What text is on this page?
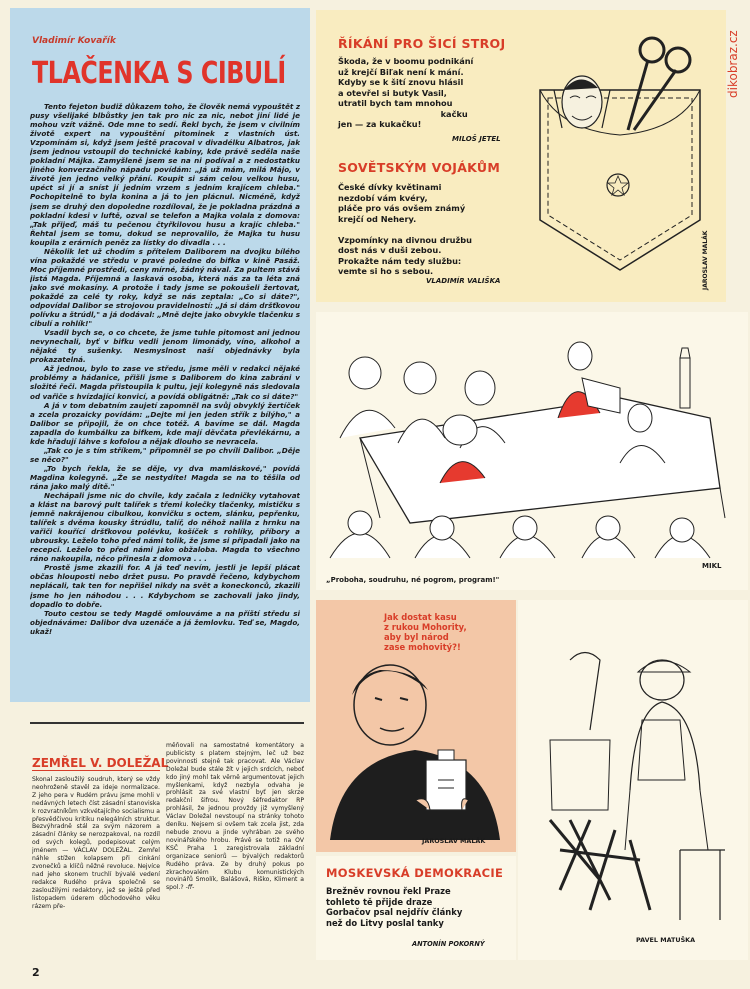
Vladimír Kovařík
TLAČENKA S CIBULÍ

Tento fejeton budiž důkazem toho, že člověk nemá vypouštět z pusy všelijaké blbůstky jen tak pro nic za nic, nebot jiní lidé je mohou vzít vážně. Ode mne to sedí. Řekl bych, že jsem v civilním životě expert na vypouštění pitominek z vlastních úst. Vzpomínám si, když jsem ještě pracoval v divadélku Albatros, jak jsem jednou vstoupil do technické kabiny, kde právě seděla naše pokladní Májka. Zamyšleně jsem se na ni podíval a z nedostatku jiného konverzačního nápadu povídám: „Já už mám, milá Májo, v životě jen jedno velký přání. Koupit si sám celou velkou husu, upéct si jí a sníst jí jedním vrzem s jedním krajícem chleba." Pochopitelně to byla konina a já to jen plácnul. Nicméně, když jsem se druhý den dopoledne rozdíloval, že je pokladna prázdná a pokladní kdesi v luftě, ozval se telefon a Majka volala z domova: „Tak přijeď, máš tu pečenou čtyřkilovou husu a krajíc chleba." Řehtal jsem se tomu, dokud se neprovalilo, že Majka tu husu koupila z erárních peněz za lístky do divadla . . .

Několik let už chodím s přítelem Daliborem na dvojku bílého vína pokaždé ve středu v pravé poledne do bifka v kině Pasáž. Moc příjemné prostředí, ceny mírné, žádný nával. Za pultem stává jistá Magda. Příjemná a laskavá osoba, která nás za ta léta zná jako své mokasíny. A protože i tady jsme se pokoušeli žertovat, pokaždé za celé ty roky, když se nás zeptala: „Co si dáte?", odpovídal Dalibor se strojovou pravidelností: „Já si dám dršťkovou polívku a štrúdl," a já dodával: „Mně dejte jako obvykle tlačenku s cibulí a rohlík!"

Vsadil bych se, o co chcete, že jsme tuhle pitomost ani jednou nevynechali, byť v bifku vedli jenom limonády, víno, alkohol a nějaké ty sušenky. Nesmyslnost naší objednávky byla prokazatelná.

Až jednou, bylo to zase ve středu, jsme měli v redakci nějaké problémy a hádanice, přišli jsme s Daliborem do kina zabráni v složité řeči. Magda přistoupila k pultu, její kolegyně nás sledovala od vařiče s hvízdající konvicí, a povídá obligátně: „Tak co si dáte?"

A já v tom debatním zaujetí zapomněl na svůj obvyklý žertíček a zcela prozaicky povídám: „Dejte mi jen jeden střík z bílýho," a Dalibor se připojil, že on chce totéž. A bavíme se dál. Magda zapadla do kumbálku za bifkem, kde mají děvčata převlékárnu, a kde hřadují láhve s kofolou a nějak dlouho se nevracela.

„Tak co je s tím stříkem," připomněl se po chvíli Dalibor. „Děje se něco?"

„To bych řekla, že se děje, vy dva mamláskové," povídá Magdina kolegyně. „Že se nestydíte! Magda se na to těšila od rána jako malý dítě."

Nechápali jsme nic do chvíle, kdy začala z ledničky vytahovat a klást na barový pult talířek s třemi kolečky tlačenky, mističku s jemně nakrájenou cibulkou, konvičku s octem, slánku, pepřenku, talířek s dvěma kousky štrúdlu, talíř, do něhož nalila z hrnku na vařiči kouřící dršťkovou polévku, košíček s rohlíky, příbory a ubrousky. Leželo toho před námi tolik, že jsme si připadali jako na recepci. Leželo to před námi jako obžaloba. Magda to všechno ráno nakoupila, něco přinesla z domova . . .

Prostě jsme zkazili for. A já teď nevím, jestli je lepší plácat občas hlouposti nebo držet pusu. Po pravdě řečeno, kdybychom neplácali, tak ten for nepřišel nikdy na svět a koneckonců, zkazili jsme ho jen náhodou . . . Kdybychom se zachovali jako jindy, dopadlo to dobře.

Touto cestou se tedy Magdě omlouváme a na příští středu si objednáváme: Dalibor dva uzenáče a já žemlovku. Teď se, Magdo, ukaž!

ZEMŘEL V. DOLEŽAL
Skonal zasloužilý soudruh, který se vždy neohroženě stavěl za ideje normalizace. Z jeho pera v Rudém právu jsme mohli v nedávných letech číst zásadní stanoviska k rozvratníkům vzkvétajícího socialismu a přesvědčivou kritiku nelegálních struktur. Bezvýhradně stál za svým názorem a zásadní články se nerozpakoval, na rozdíl od svých kolegů, podepisovat celým jménem — VÁCLAV DOLEŽAL. Zemřel náhle stížen kolapsem při cinkání zvonečků a klíčů něžné revoluce. Nejvíce nad jeho skonem truchlí bývalé vedení redakce Rudého práva společně se zasloužilými redaktory, jež se ještě před listopadem úderem důchodového věku rázem pře-
měňovali na samostatné komentátory a publicisty s platem stejným, leč už bez povinnosti stejně tak pracovat. Ale Václav Doležal bude stále žít v jejich srdcích, neboť kdo jiný mohl tak věrně argumentovat jejich myšlenkami, když nezbyla odvaha je prohlásit za své vlastní byť jen skrze redakční šifrou. Nový šéfredaktor RP prohlásil, že jednou provždy již vymyšlený Václav Doležal nevstoupí na stránky tohoto deníku. Nejsem si ovšem tak zcela jist, zda nebude znovu a jinde vyhrában ze svého novinářského hrobu. Právě se totiž na OV KSČ Praha 1 zaregistrovala základní organizace seniorů — bývalých redaktorů Rudého práva. Ze by druhý pokus po zkrachovalém Klubu komunistických novinářů Smolík, Balášová, Riško, Kliment a spol.? -ff-
2
ŘÍKÁNÍ PRO ŠICÍ STROJ
Škoda, že v boomu podnikání
už krejčí Biľak není k mání.
Kdyby se k šití znovu hlásil
a otevřel si butyk Vasil,
utratil bych tam mnohou
kačku
jen — za kukačku!
MILOŠ JETEL
SOVĚTSKÝM VOJÁKŮM
České dívky květinami
nezdobí vám kvéry,
pláče pro vás ovšem známý
krejčí od Nehery.

Vzpomínky na divnou družbu
dost nás v duši zebou.
Prokažte nám tedy službu:
vemte si ho s sebou.
VLADIMÍR VALIŠKA	JAROSLAV MALÁK
dikobraz.cz
„Proboha, soudruhu, né pogrom, program!"
MIKL
Jak dostat kasu
z rukou Mohority,
aby byl národ
zase mohovitý?!
JAROSLAV MALÁK
MOSKEVSKÁ DEMOKRACIE
Brežněv rovnou řekl Praze
tohleto tě přijde draze
Gorbačov psal nejdřív články
než do Litvy poslal tanky
ANTONÍN POKORNÝ	PAVEL MATUŠKA
